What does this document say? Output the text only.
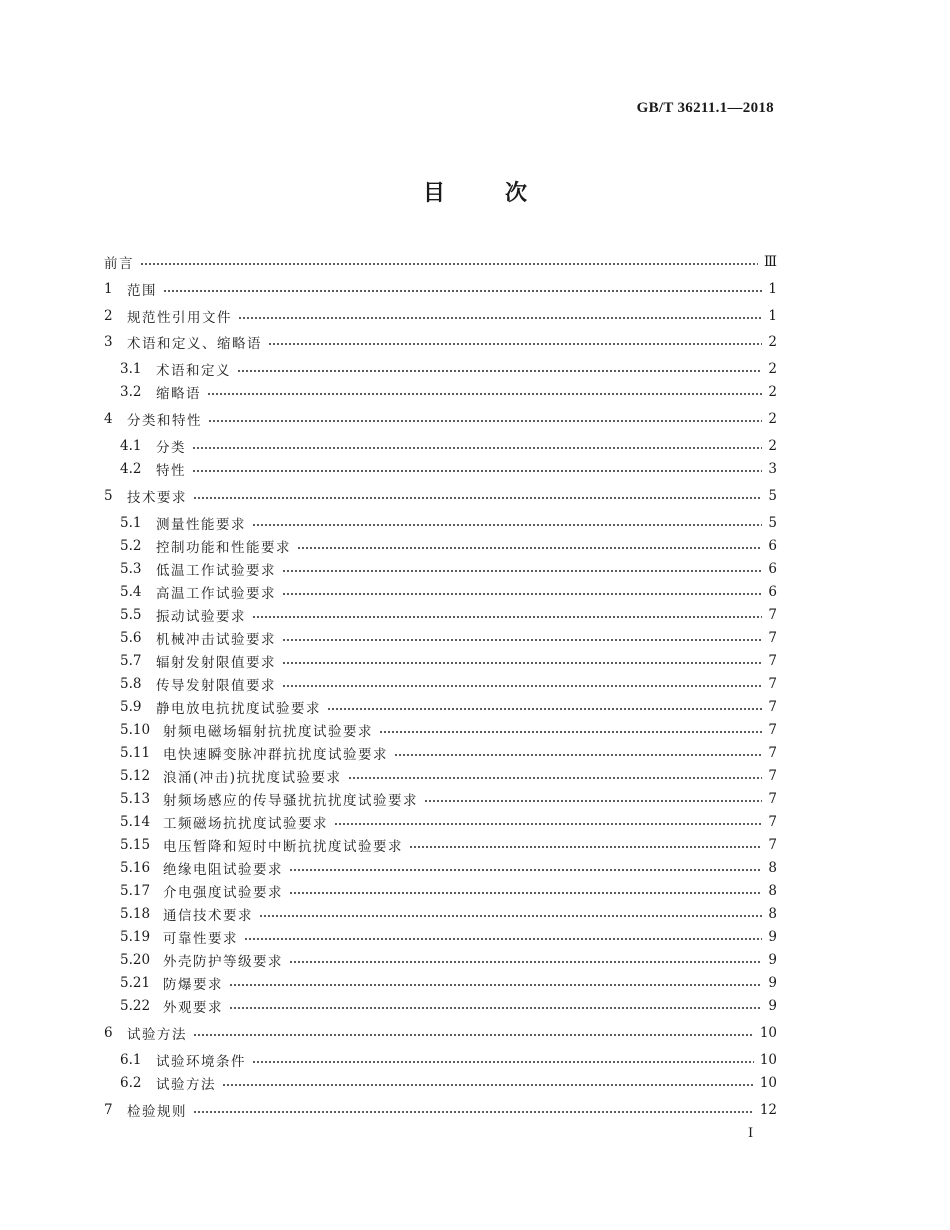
GB/T 36211.1—2018
目	次
前言	Ⅲ
1	范围	1
2	规范性引用文件	1
3	术语和定义、缩略语	2
3.1	术语和定义	2
3.2	缩略语	2
4	分类和特性	2
4.1	分类	2
4.2	特性	3
5	技术要求	5
5.1	测量性能要求	5
5.2	控制功能和性能要求	6
5.3	低温工作试验要求	6
5.4	高温工作试验要求	6
5.5	振动试验要求	7
5.6	机械冲击试验要求	7
5.7	辐射发射限值要求	7
5.8	传导发射限值要求	7
5.9	静电放电抗扰度试验要求	7
5.10 射频电磁场辐射抗扰度试验要求	7
5.11 电快速瞬变脉冲群抗扰度试验要求	7
5.12 浪涌(冲击)抗扰度试验要求	7
5.13 射频场感应的传导骚扰抗扰度试验要求	7
5.14 工频磁场抗扰度试验要求	7
5.15 电压暂降和短时中断抗扰度试验要求	7
5.16 绝缘电阻试验要求	8
5.17 介电强度试验要求	8
5.18 通信技术要求	8
5.19 可靠性要求	9
5.20 外壳防护等级要求	9
5.21 防爆要求	9
5.22 外观要求	9
6	试验方法	10
6.1	试验环境条件	10
6.2	试验方法	10
7	检验规则	12
I
